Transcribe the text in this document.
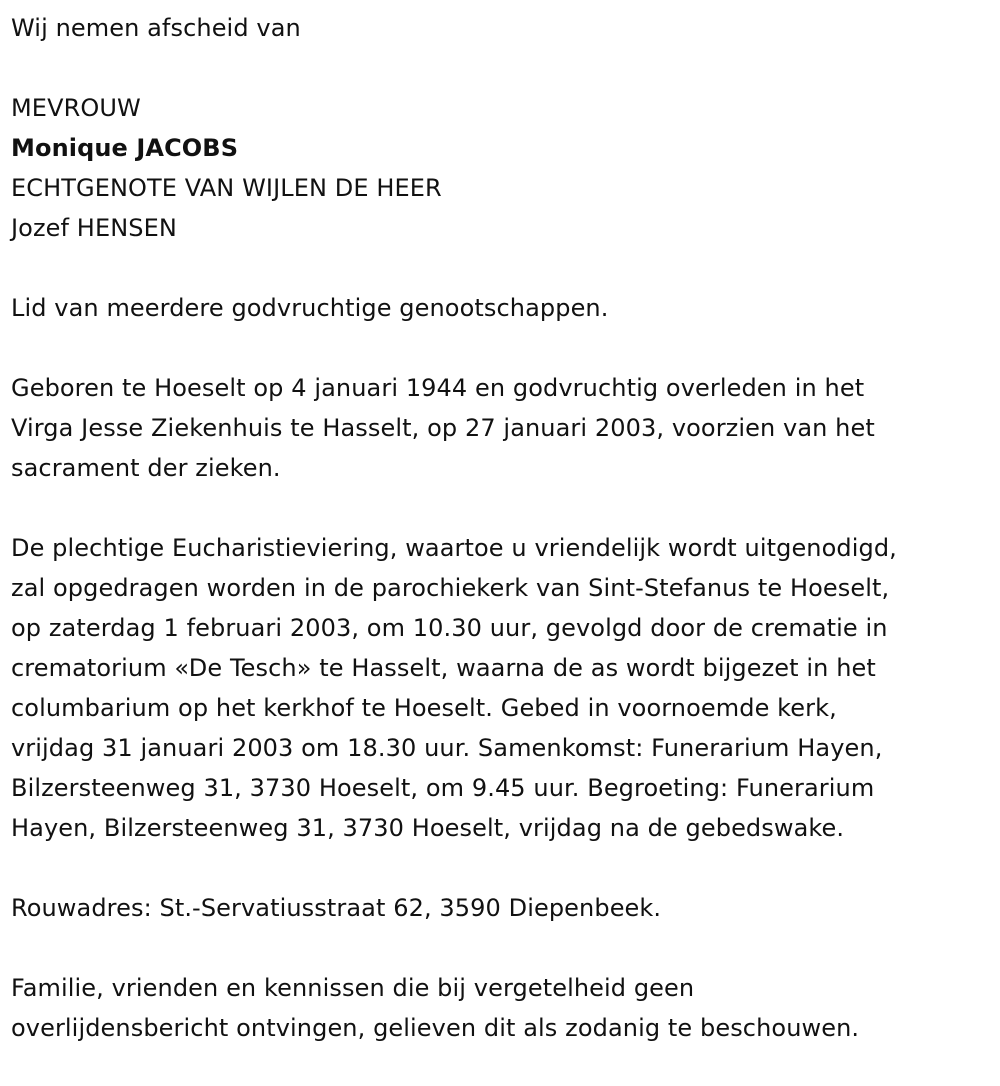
Wij nemen afscheid van

MEVROUW

Monique JACOBS

ECHTGENOTE VAN WIJLEN DE HEER

Jozef HENSEN

Lid van meerdere godvruchtige genootschappen.

Geboren te Hoeselt op 4 januari 1944 en godvruchtig overleden in het

Virga Jesse Ziekenhuis te Hasselt, op 27 januari 2003, voorzien van het

sacrament der zieken.

De plechtige Eucharistieviering, waartoe u vriendelijk wordt uitgenodigd,

zal opgedragen worden in de parochiekerk van Sint-Stefanus te Hoeselt,

op zaterdag 1 februari 2003, om 10.30 uur, gevolgd door de crematie in

crematorium «De Tesch» te Hasselt, waarna de as wordt bijgezet in het

columbarium op het kerkhof te Hoeselt. Gebed in voornoemde kerk,

vrijdag 31 januari 2003 om 18.30 uur. Samenkomst: Funerarium Hayen,

Bilzersteenweg 31, 3730 Hoeselt, om 9.45 uur. Begroeting: Funerarium

Hayen, Bilzersteenweg 31, 3730 Hoeselt, vrijdag na de gebedswake.

Rouwadres: St.-Servatiusstraat 62, 3590 Diepenbeek.

Familie, vrienden en kennissen die bij vergetelheid geen

overlijdensbericht ontvingen, gelieven dit als zodanig te beschouwen.
